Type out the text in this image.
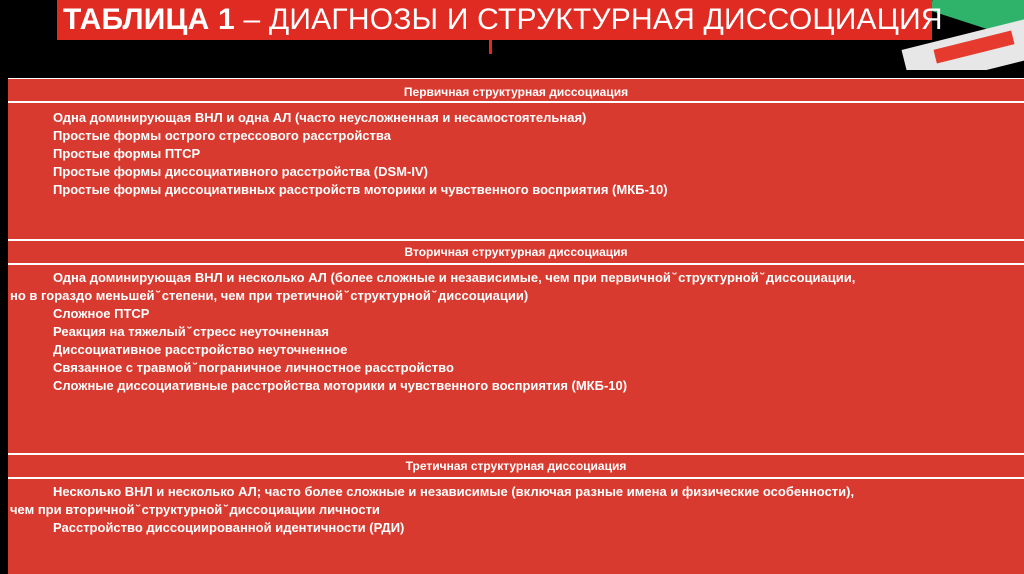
ТАБЛИЦА 1 – ДИАГНОЗЫ И СТРУКТУРНАЯ ДИССОЦИАЦИЯ
Первичная структурная диссоциация
Одна доминирующая ВНЛ и одна АЛ (часто неусложненная и несамостоятельная)
Простые формы острого стрессового расстройства
Простые формы ПТСР
Простые формы диссоциативного расстройства (DSM-IV)
Простые формы диссоциативных расстройств моторики и чувственного восприятия (МКБ-10)
Вторичная структурная диссоциация
Одна доминирующая ВНЛ и несколько АЛ (более сложные и независимые, чем при первичной ̆ структурной ̆ диссоциации,
но в гораздо меньшей ̆ степени, чем при третичной ̆ структурной ̆ диссоциации)
Сложное ПТСР
Реакция на тяжелый ̆ стресс неуточненная
Диссоциативное расстройство неуточненное
Связанное с травмой ̆ пограничное личностное расстройство
Сложные диссоциативные расстройства моторики и чувственного восприятия (МКБ-10)
Третичная структурная диссоциация
Несколько ВНЛ и несколько АЛ; часто более сложные и независимые (включая разные имена и физические особенности),
чем при вторичной ̆ структурной ̆ диссоциации личности
Расстройство диссоциированной идентичности (РДИ)
